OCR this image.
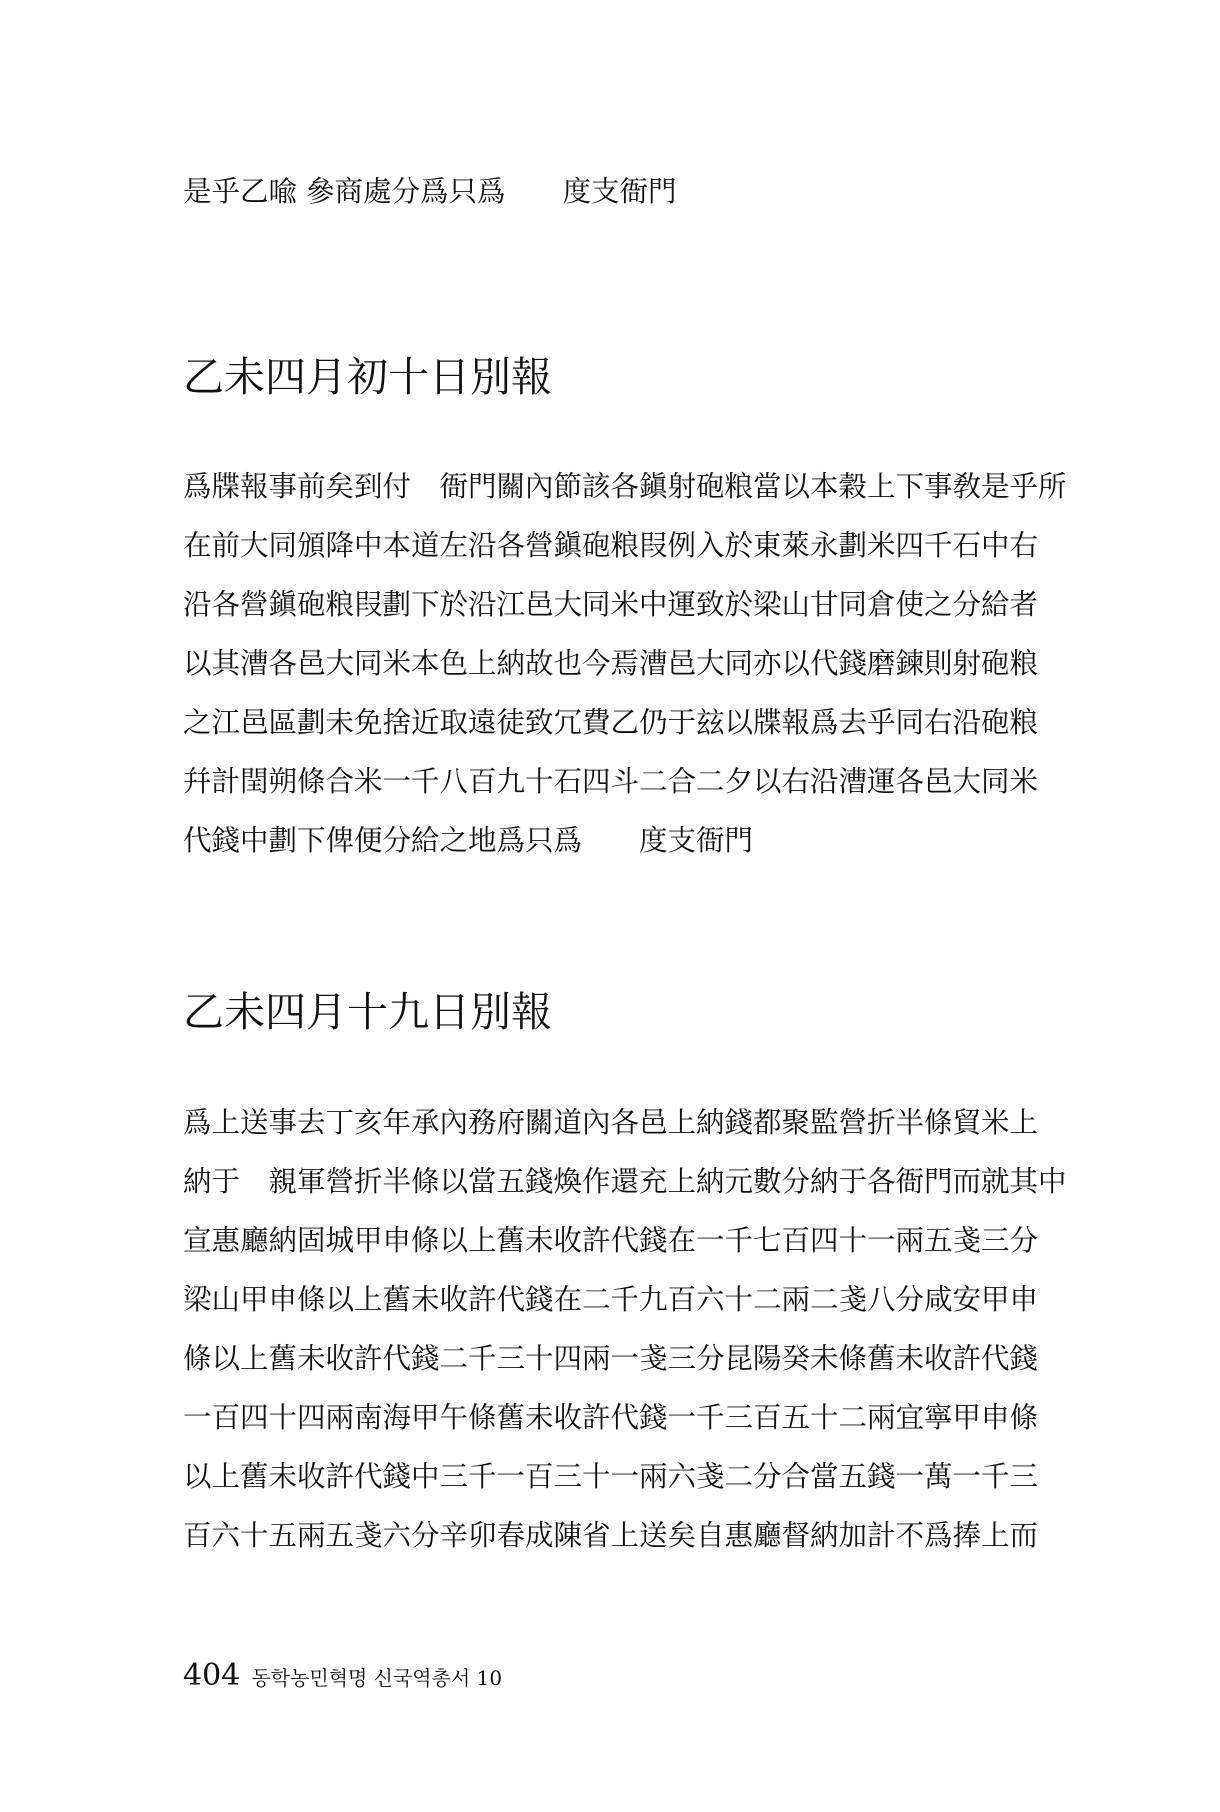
是乎乙喩 參商處分爲只爲　　度支衙門
乙未四月初十日別報
爲牒報事前矣到付　衙門關內節該各鎭射砲粮當以本穀上下事敎是乎所
在前大同頒降中本道左沿各營鎭砲粮叚例入於東萊永劃米四千石中右
沿各營鎭砲粮叚劃下於沿江邑大同米中運致於梁山甘同倉使之分給者
以其漕各邑大同米本色上納故也今焉漕邑大同亦以代錢磨鍊則射砲粮
之江邑區劃未免捨近取遠徒致冗費乙仍于玆以牒報爲去乎同右沿砲粮
幷計閏朔條合米一千八百九十石四斗二合二夕以右沿漕運各邑大同米
代錢中劃下俾便分給之地爲只爲　　度支衙門
乙未四月十九日別報
爲上送事去丁亥年承內務府關道內各邑上納錢都聚監營折半條貿米上
納于　親軍營折半條以當五錢煥作還充上納元數分納于各衙門而就其中
宣惠廳納固城甲申條以上舊未收許代錢在一千七百四十一兩五戔三分
梁山甲申條以上舊未收許代錢在二千九百六十二兩二戔八分咸安甲申
條以上舊未收許代錢二千三十四兩一戔三分昆陽癸未條舊未收許代錢
一百四十四兩南海甲午條舊未收許代錢一千三百五十二兩宜寧甲申條
以上舊未收許代錢中三千一百三十一兩六戔二分合當五錢一萬一千三
百六十五兩五戔六分辛卯春成陳省上送矣自惠廳督納加計不爲捧上而
404 동학농민혁명 신국역총서 10
